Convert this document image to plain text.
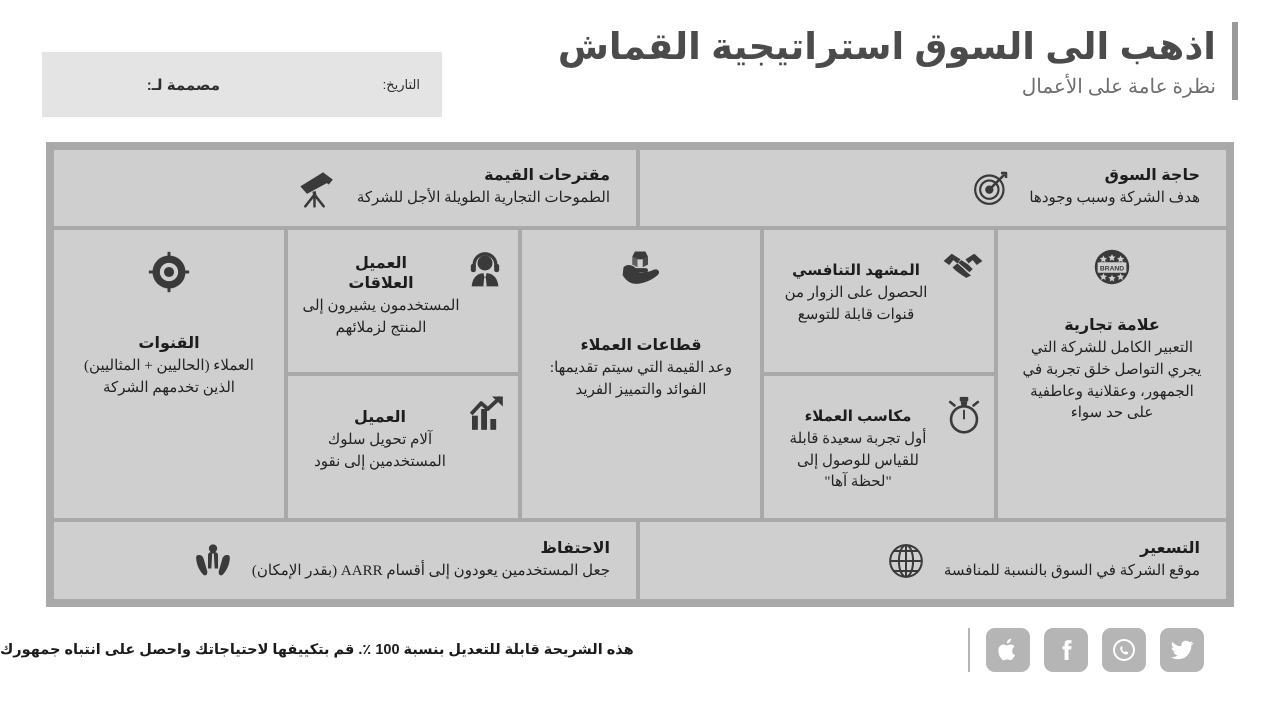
اذهب الى السوق استراتيجية القماش
نظرة عامة على الأعمال
التاريخ:
مصممة لـ:
حاجة السوق
هدف الشركة وسبب وجودها
مقترحات القيمة
الطموحات التجارية الطويلة الأجل للشركة
BRAND
علامة تجارية
التعبير الكامل للشركة التي يجري التواصل خلق تجربة في الجمهور، وعقلانية وعاطفية على حد سواء
المشهد التنافسي
الحصول على الزوار من قنوات قابلة للتوسع
مكاسب العملاء
أول تجربة سعيدة قابلة للقياس للوصول إلى "لحظة آها"
قطاعات العملاء
وعد القيمة التي سيتم تقديمها: الفوائد والتمييز الفريد
العميل
العلاقات
المستخدمون يشيرون إلى المنتج لزملائهم
العميل
آلام تحويل سلوك المستخدمين إلى نقود
القنوات
العملاء (الحاليين + المثاليين) الذين تخدمهم الشركة
التسعير
موقع الشركة في السوق بالنسبة للمنافسة
الاحتفاظ
جعل المستخدمين يعودون إلى أقسام AARR (بقدر الإمكان)
هذه الشريحة قابلة للتعديل بنسبة 100 ٪. قم بتكييفها لاحتياجاتك واحصل على انتباه جمهورك
